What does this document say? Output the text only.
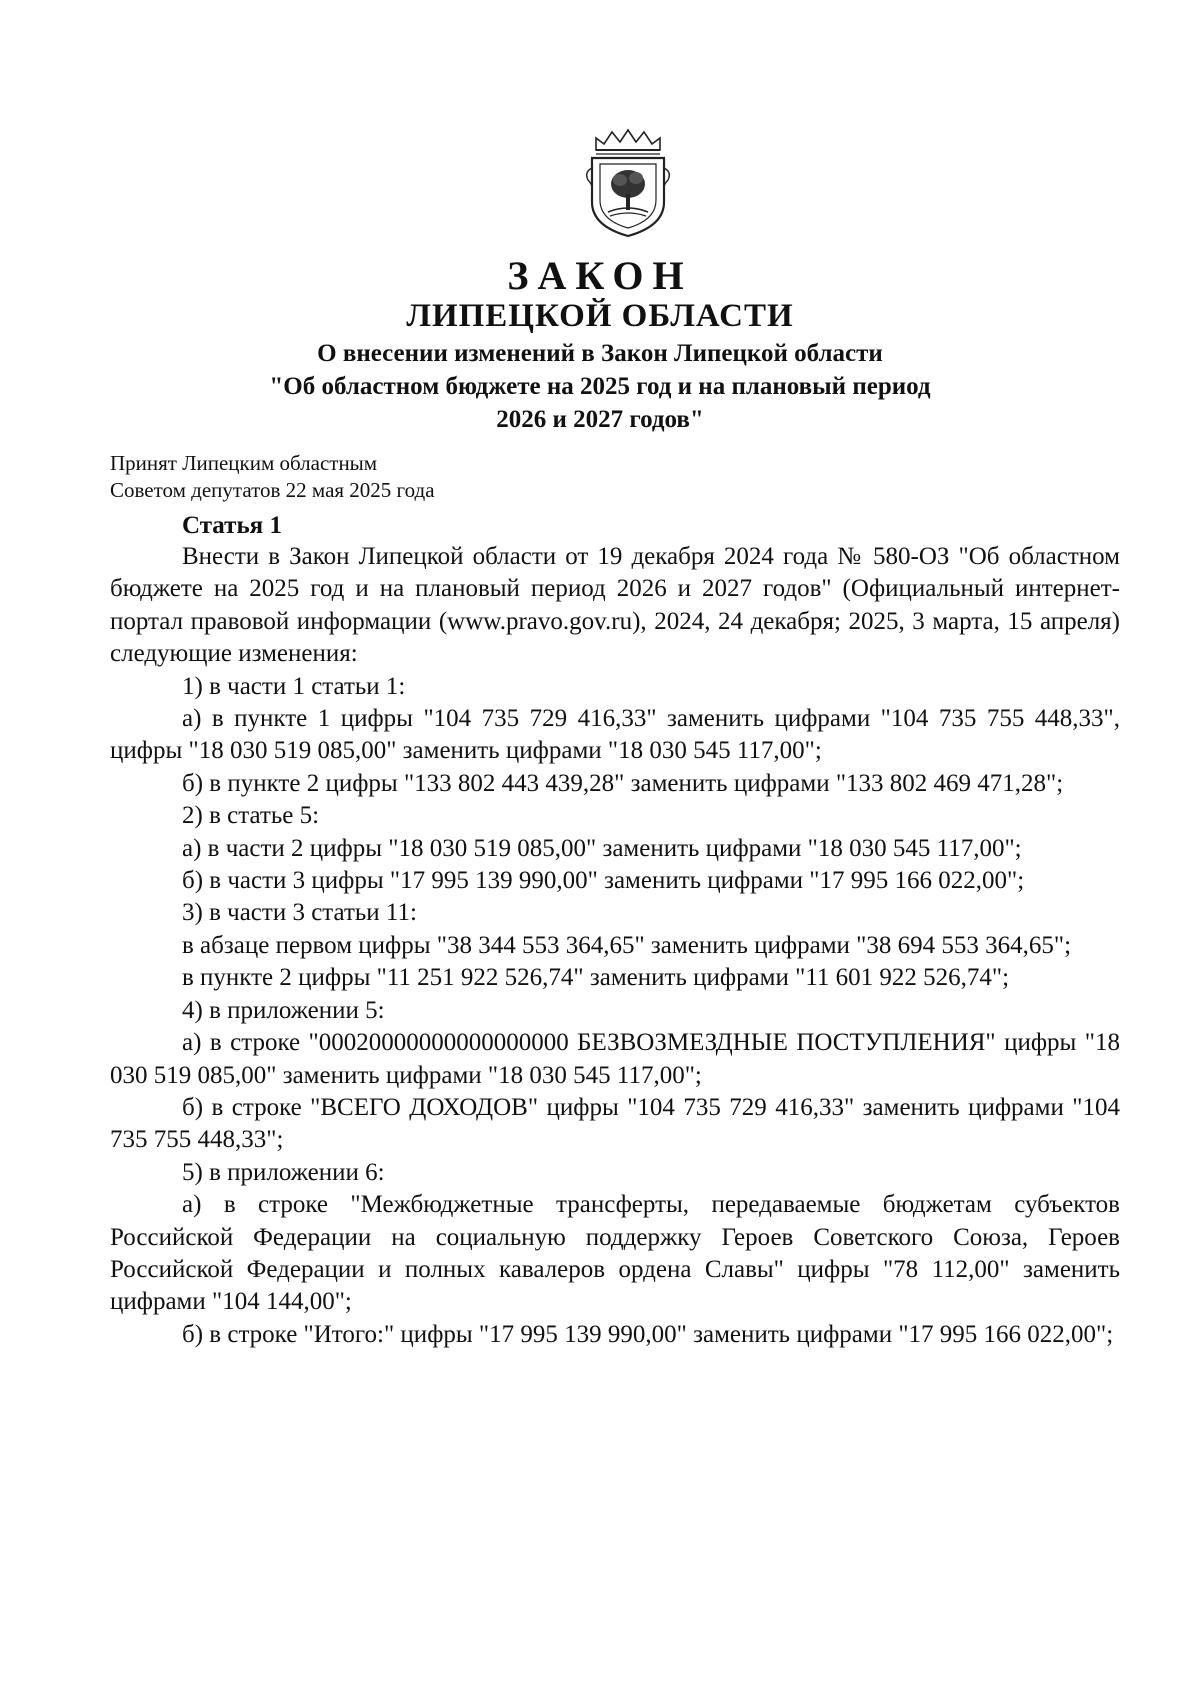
ЗАКОН
ЛИПЕЦКОЙ ОБЛАСТИ
О внесении изменений в Закон Липецкой области
"Об областном бюджете на 2025 год и на плановый период
2026 и 2027 годов"
Принят Липецким областным
Советом депутатов 22 мая 2025 года
Статья 1

Внести в Закон Липецкой области от 19 декабря 2024 года № 580-ОЗ "Об областном бюджете на 2025 год и на плановый период 2026 и 2027 годов" (Официальный интернет-портал правовой информации (www.pravo.gov.ru), 2024, 24 декабря; 2025, 3 марта, 15 апреля) следующие изменения:

1) в части 1 статьи 1:

а) в пункте 1 цифры "104 735 729 416,33" заменить цифрами "104 735 755 448,33", цифры "18 030 519 085,00" заменить цифрами "18 030 545 117,00";

б) в пункте 2 цифры "133 802 443 439,28" заменить цифрами "133 802 469 471,28";

2) в статье 5:

а) в части 2 цифры "18 030 519 085,00" заменить цифрами "18 030 545 117,00";

б) в части 3 цифры "17 995 139 990,00" заменить цифрами "17 995 166 022,00";

3) в части 3 статьи 11:

в абзаце первом цифры "38 344 553 364,65" заменить цифрами "38 694 553 364,65";

в пункте 2 цифры "11 251 922 526,74" заменить цифрами "11 601 922 526,74";

4) в приложении 5:

а) в строке "00020000000000000000 БЕЗВОЗМЕЗДНЫЕ ПОСТУПЛЕНИЯ" цифры "18 030 519 085,00" заменить цифрами "18 030 545 117,00";

б) в строке "ВСЕГО ДОХОДОВ" цифры "104 735 729 416,33" заменить цифрами "104 735 755 448,33";

5) в приложении 6:

а) в строке "Межбюджетные трансферты, передаваемые бюджетам субъектов Российской Федерации на социальную поддержку Героев Советского Союза, Героев Российской Федерации и полных кавалеров ордена Славы" цифры "78 112,00" заменить цифрами "104 144,00";

б) в строке "Итого:" цифры "17 995 139 990,00" заменить цифрами "17 995 166 022,00";
